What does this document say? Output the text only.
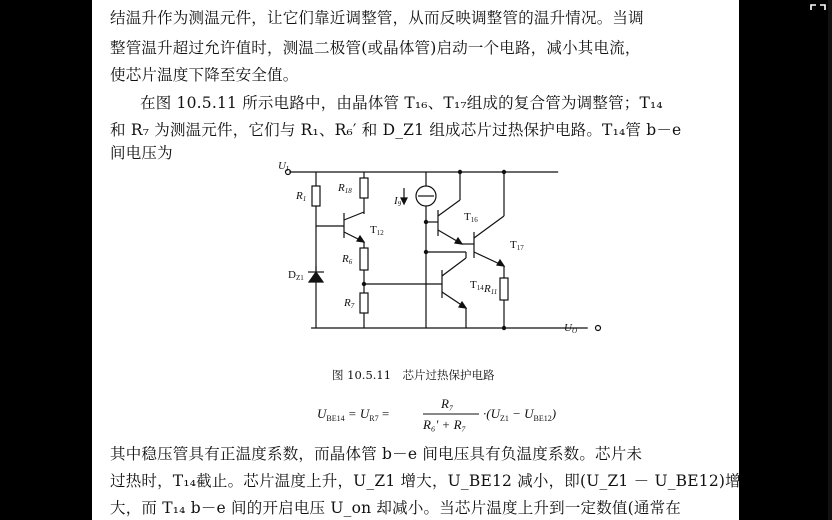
结温升作为测温元件，让它们靠近调整管，从而反映调整管的温升情况。当调
整管温升超过允许值时，测温二极管(或晶体管)启动一个电路，减小其电流，
使芯片温度下降至安全值。
在图 10.5.11 所示电路中，由晶体管 T₁₆、T₁₇组成的复合管为调整管；T₁₄
和 R₇ 为测温元件，它们与 R₁、R₆′ 和 D_Z1 组成芯片过热保护电路。T₁₄管 b－e
间电压为
UI
R1
R18
T12
R6
DZ1
R7
I9
T16
T17
T14 R11
UO
图 10.5.11　芯片过热保护电路
$U_{BE14} = U_{R7}$ =
R₇
R₆′ + R₇
$\cdot(U_{Z1} - U_{BE12})$
其中稳压管具有正温度系数，而晶体管 b－e 间电压具有负温度系数。芯片未
过热时，T₁₄截止。芯片温度上升，U_Z1 增大，U_BE12 减小，即(U_Z1 － U_BE12)增
大，而 T₁₄ b－e 间的开启电压 U_on 却减小。当芯片温度上升到一定数值(通常在
